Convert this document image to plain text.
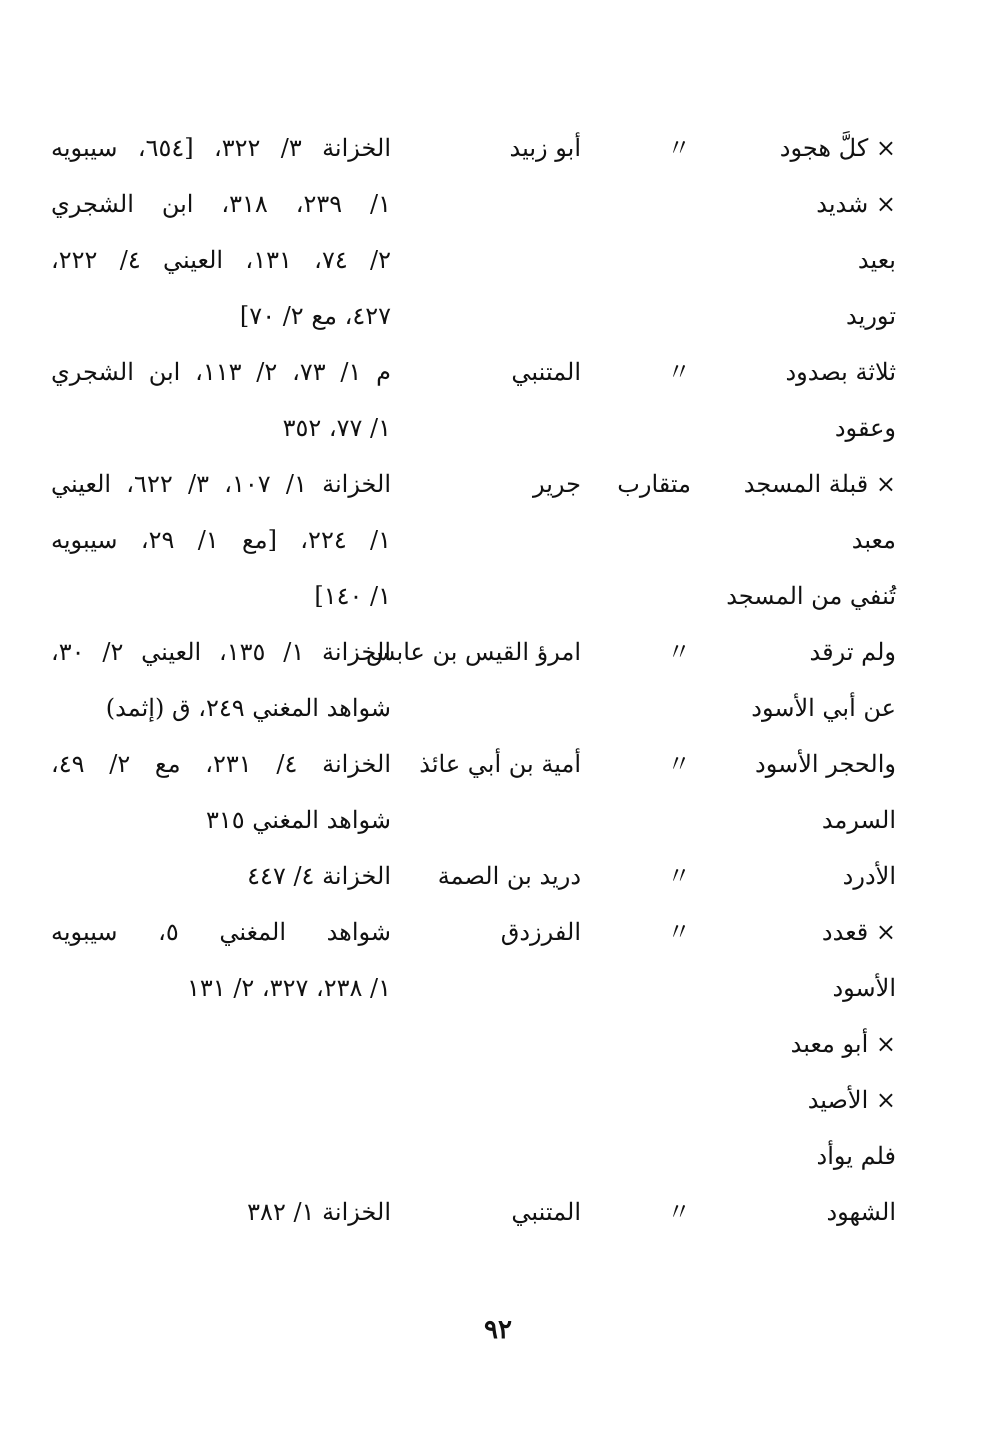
× كلَّ هجود
〃
أبو زبيد
الخزانة ٣/ ٣٢٢، [٦٥٤، سيبويه
× شديد
١/ ٢٣٩، ٣١٨، ابن الشجري
بعيد
٢/ ٧٤، ١٣١، العيني ٤/ ٢٢٢،
توريد
٤٢٧، مع ٢/ ٧٠]
ثلاثة بصدود
〃
المتنبي
م ١/ ٧٣، ٢/ ١١٣، ابن الشجري
وعقود
١/ ٧٧، ٣٥٢
× قبلة المسجد
متقارب
جرير
الخزانة ١/ ١٠٧، ٣/ ٦٢٢، العيني
معبد
١/ ٢٢٤، [مع ١/ ٢٩، سيبويه
تُنفي من المسجد
١/ ١٤٠]
ولم ترقد
〃
امرؤ القيس بن عابس
الخزانة ١/ ١٣٥، العيني ٢/ ٣٠،
عن أبي الأسود
شواهد المغني ٢٤٩، ق (إثمد)
والحجر الأسود
〃
أمية بن أبي عائذ
الخزانة ٤/ ٢٣١، مع ٢/ ٤٩،
السرمد
شواهد المغني ٣١٥
الأدرد
〃
دريد بن الصمة
الخزانة ٤/ ٤٤٧
× قعدد
〃
الفرزدق
شواهد المغني ٥، سيبويه
الأسود
١/ ٢٣٨، ٣٢٧، ٢/ ١٣١
× أبو معبد
× الأصيد
فلم يوأد
الشهود
〃
المتنبي
الخزانة ١/ ٣٨٢
٩٢
